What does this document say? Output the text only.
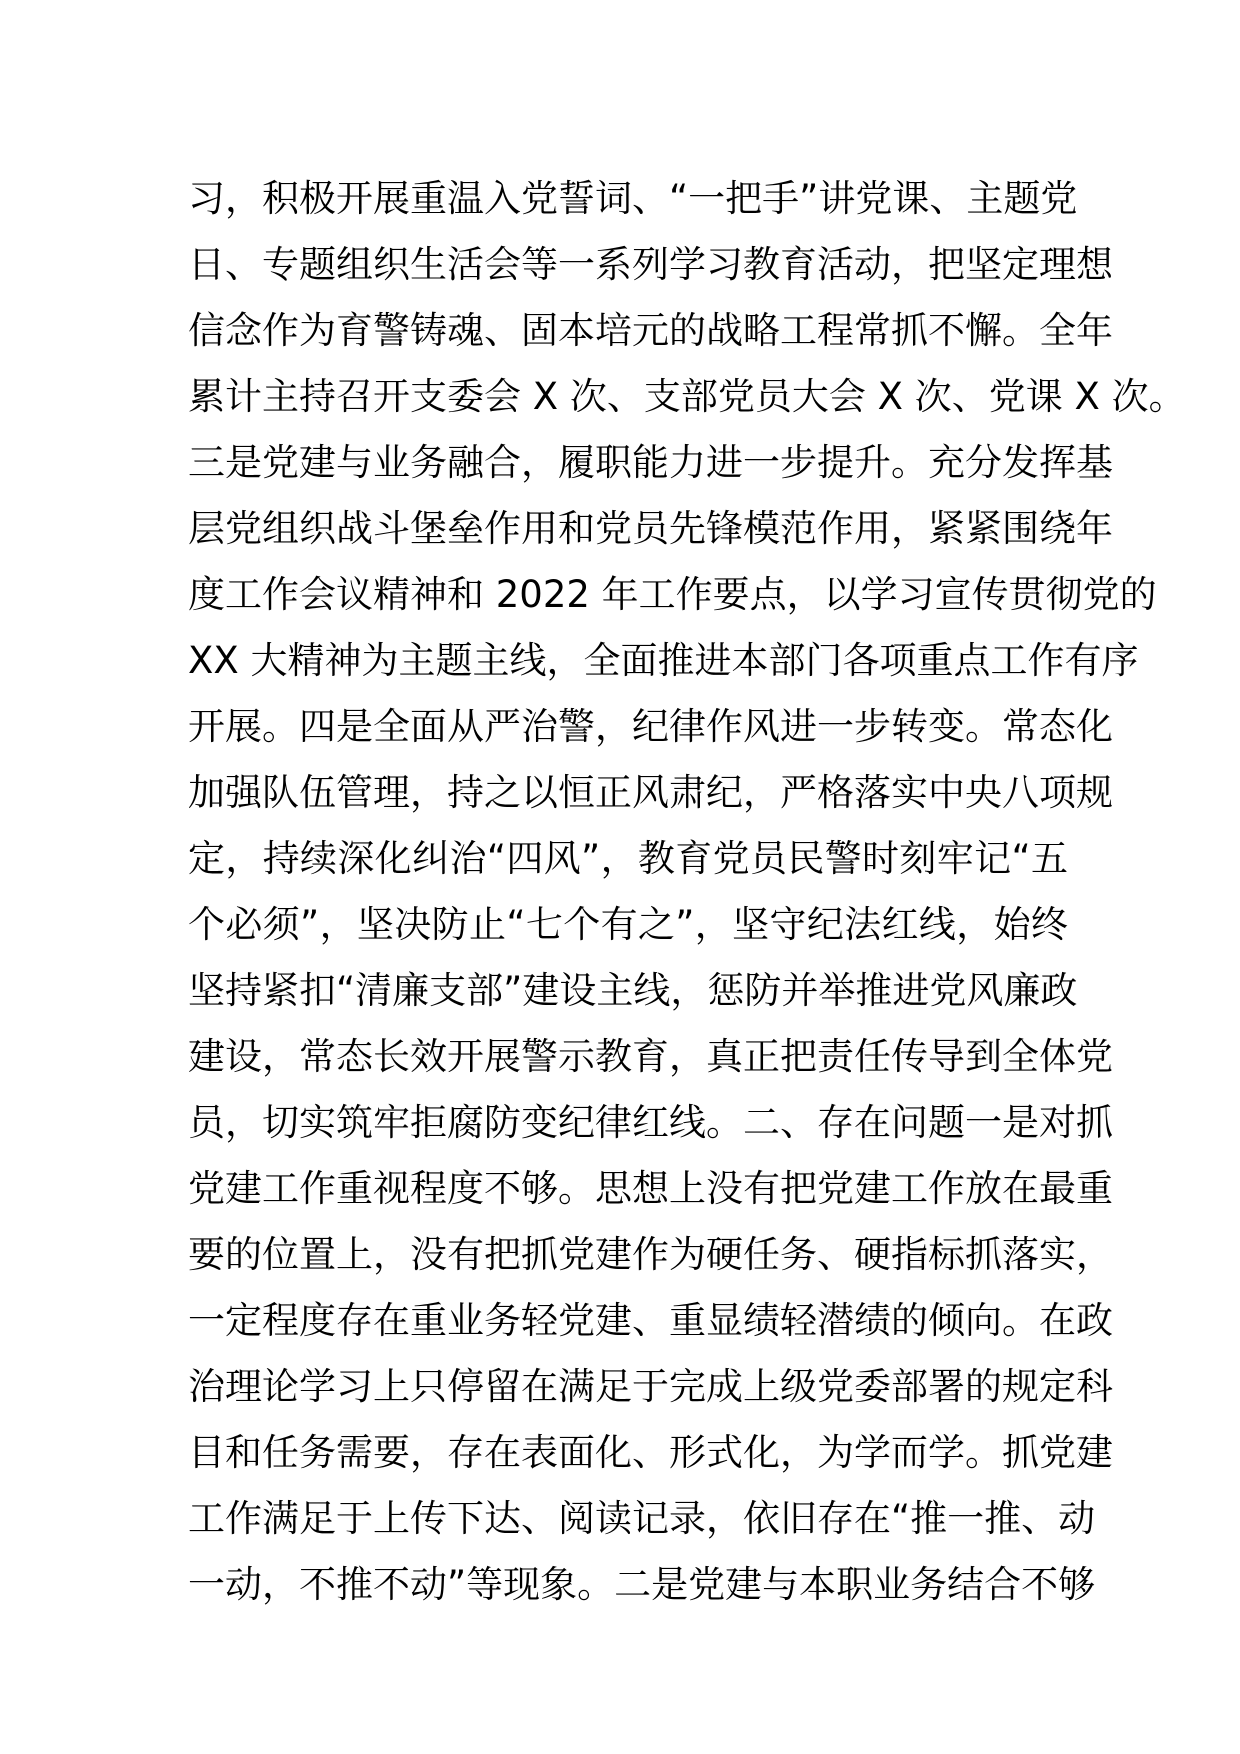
习，积极开展重温入党誓词、“一把手”讲党课、主题党
日、专题组织生活会等一系列学习教育活动，把坚定理想
信念作为育警铸魂、固本培元的战略工程常抓不懈。全年
累计主持召开支委会 X 次、支部党员大会 X 次、党课 X 次。
三是党建与业务融合，履职能力进一步提升。充分发挥基
层党组织战斗堡垒作用和党员先锋模范作用，紧紧围绕年
度工作会议精神和 2022 年工作要点，以学习宣传贯彻党的
XX 大精神为主题主线，全面推进本部门各项重点工作有序
开展。四是全面从严治警，纪律作风进一步转变。常态化
加强队伍管理，持之以恒正风肃纪，严格落实中央八项规
定，持续深化纠治“四风”，教育党员民警时刻牢记“五
个必须”，坚决防止“七个有之”，坚守纪法红线，始终
坚持紧扣“清廉支部”建设主线，惩防并举推进党风廉政
建设，常态长效开展警示教育，真正把责任传导到全体党
员，切实筑牢拒腐防变纪律红线。二、存在问题一是对抓
党建工作重视程度不够。思想上没有把党建工作放在最重
要的位置上，没有把抓党建作为硬任务、硬指标抓落实，
一定程度存在重业务轻党建、重显绩轻潜绩的倾向。在政
治理论学习上只停留在满足于完成上级党委部署的规定科
目和任务需要，存在表面化、形式化，为学而学。抓党建
工作满足于上传下达、阅读记录，依旧存在“推一推、动
一动，不推不动”等现象。二是党建与本职业务结合不够
